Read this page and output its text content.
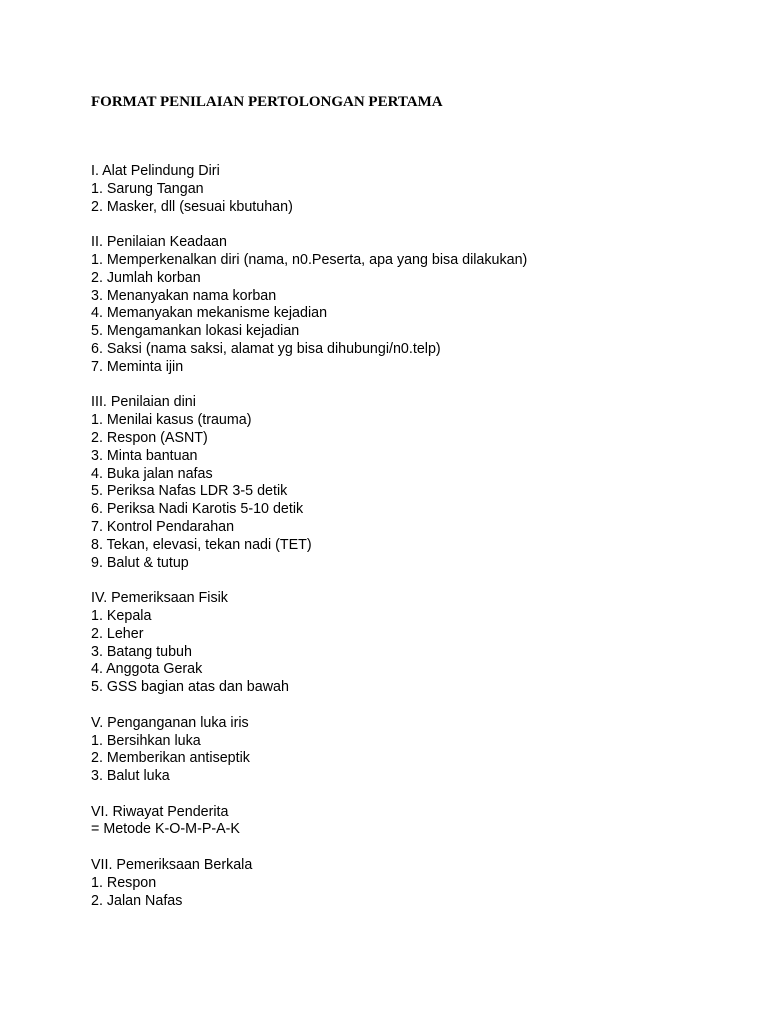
FORMAT PENILAIAN PERTOLONGAN PERTAMA
I. Alat Pelindung Diri
1. Sarung Tangan
2. Masker, dll (sesuai kbutuhan)
II. Penilaian Keadaan
1. Memperkenalkan diri (nama, n0.Peserta, apa yang bisa dilakukan)
2. Jumlah korban
3. Menanyakan nama korban
4. Memanyakan mekanisme kejadian
5. Mengamankan lokasi kejadian
6. Saksi (nama saksi, alamat yg bisa dihubungi/n0.telp)
7. Meminta ijin
III. Penilaian dini
1. Menilai kasus (trauma)
2. Respon (ASNT)
3. Minta bantuan
4. Buka jalan nafas
5. Periksa Nafas LDR 3-5 detik
6. Periksa Nadi Karotis 5-10 detik
7. Kontrol Pendarahan
8. Tekan, elevasi, tekan nadi (TET)
9. Balut & tutup
IV. Pemeriksaan Fisik
1. Kepala
2. Leher
3. Batang tubuh
4. Anggota Gerak
5. GSS bagian atas dan bawah
V. Penganganan luka iris
1. Bersihkan luka
2. Memberikan antiseptik
3. Balut luka
VI. Riwayat Penderita
= Metode K-O-M-P-A-K
VII. Pemeriksaan Berkala
1. Respon
2. Jalan Nafas
